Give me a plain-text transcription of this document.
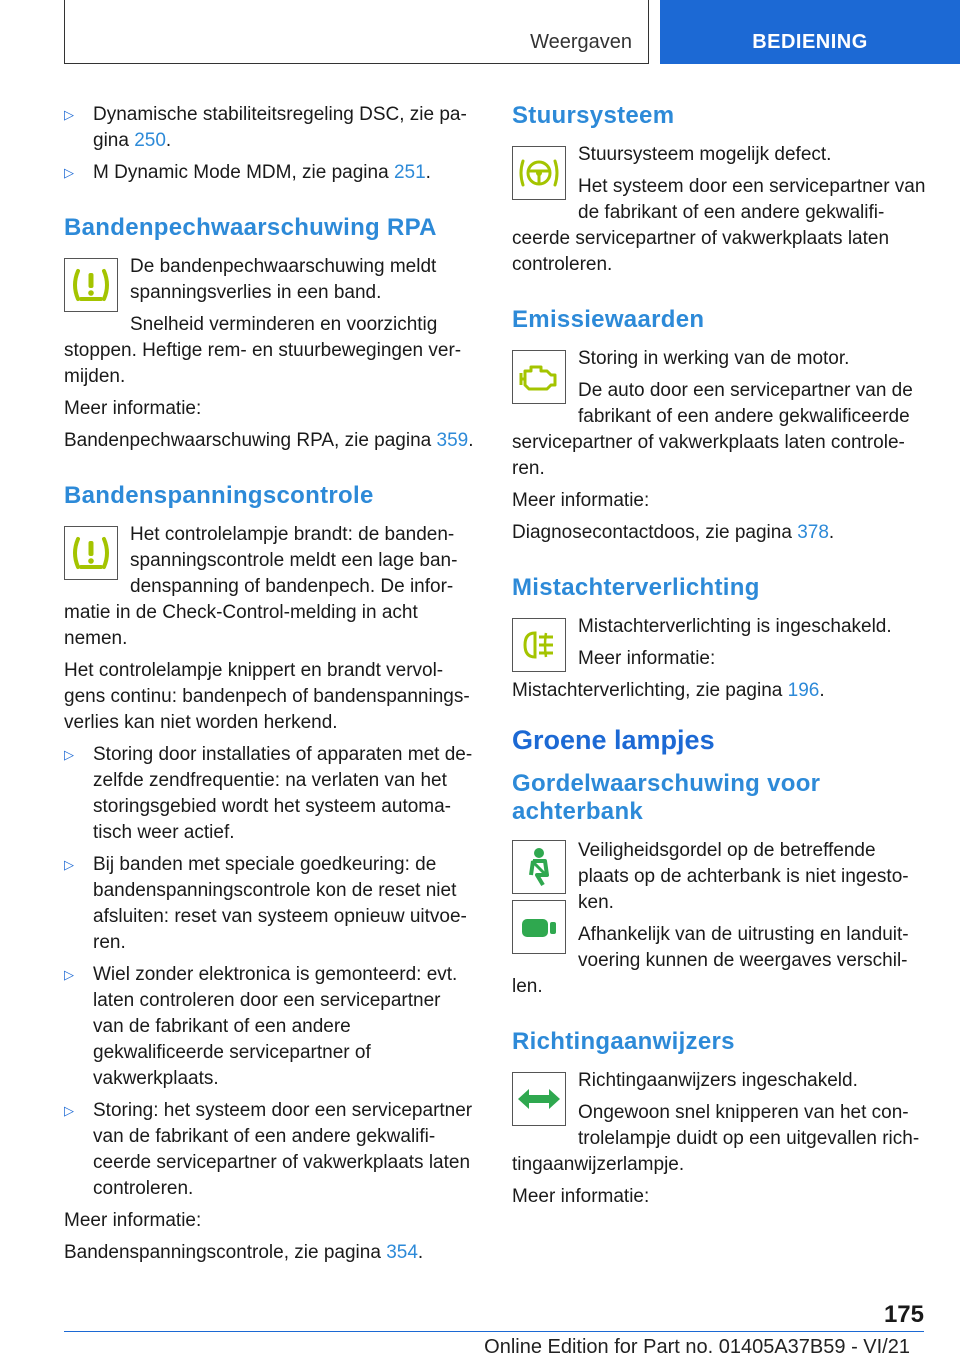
Weergaven	BEDIENING
▷ Dynamische stabiliteitsregeling DSC, zie pa-gina 250.
▷ M Dynamic Mode MDM, zie pagina 251.
Bandenpechwaarschuwing RPA

De bandenpechwaarschuwing meldt spanningsverlies in een band.

Snelheid verminderen en voorzichtig stoppen. Heftige rem- en stuurbewegingen ver-mijden.

Meer informatie:

Bandenpechwaarschuwing RPA, zie pagina 359.

Bandenspanningscontrole

Het controlelampje brandt: de banden-spanningscontrole meldt een lage ban-denspanning of bandenpech. De infor-matie in de Check-Control-melding in acht nemen.

Het controlelampje knippert en brandt vervol-gens continu: bandenpech of bandenspannings-verlies kan niet worden herkend.

▷ Storing door installaties of apparaten met de-zelfde zendfrequentie: na verlaten van het storingsgebied wordt het systeem automa-tisch weer actief.
▷ Bij banden met speciale goedkeuring: de bandenspanningscontrole kon de reset niet afsluiten: reset van systeem opnieuw uitvoe-ren.
▷ Wiel zonder elektronica is gemonteerd: evt. laten controleren door een servicepartner van de fabrikant of een andere gekwalificeerde servicepartner of vakwerkplaats.
▷ Storing: het systeem door een servicepartner van de fabrikant of een andere gekwalifi-ceerde servicepartner of vakwerkplaats laten controleren.

Meer informatie:

Bandenspanningscontrole, zie pagina 354.

Stuursysteem

Stuursysteem mogelijk defect.

Het systeem door een servicepartner van de fabrikant of een andere gekwalifi-ceerde servicepartner of vakwerkplaats laten controleren.

Emissiewaarden

Storing in werking van de motor.

De auto door een servicepartner van de fabrikant of een andere gekwalificeerde servicepartner of vakwerkplaats laten controle-ren.

Meer informatie:

Diagnosecontactdoos, zie pagina 378.

Mistachterverlichting

Mistachterverlichting is ingeschakeld.

Meer informatie:

Mistachterverlichting, zie pagina 196.

Groene lampjes
Gordelwaarschuwing voor achterbank

Veiligheidsgordel op de betreffende plaats op de achterbank is niet ingesto-ken.

Afhankelijk van de uitrusting en landuit-voering kunnen de weergaves verschil-len.

Richtingaanwijzers

Richtingaanwijzers ingeschakeld.

Ongewoon snel knipperen van het con-trolelampje duidt op een uitgevallen rich-tingaanwijzerlampje.

Meer informatie:

175
Online Edition for Part no. 01405A37B59 - VI/21
